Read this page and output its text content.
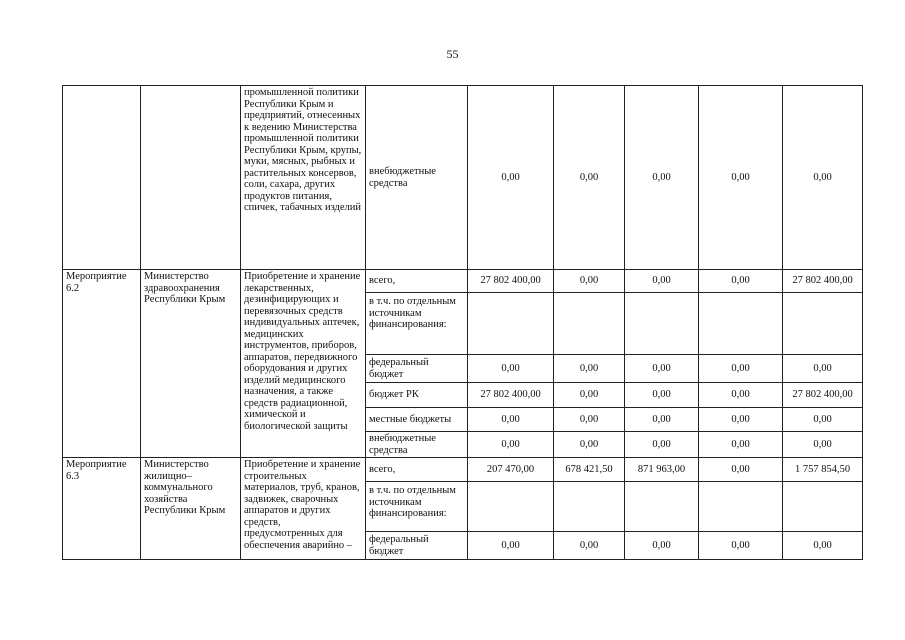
55
		промышленной политики Республики Крым и предприятий, отнесенных к ведению Министерства промышленной политики Республики Крым, крупы, муки, мясных, рыбных и растительных консервов, соли, сахара, других продуктов питания, спичек, табачных изделий	внебюджетные средства	0,00	0,00	0,00	0,00	0,00
Мероприятие 6.2	Министерство здравоохранения Республики Крым	Приобретение и хранение лекарственных, дезинфицирующих и перевязочных средств индивидуальных аптечек, медицинских инструментов, приборов, аппаратов, передвижного оборудования и других изделий медицинского назначения, а также средств радиационной, химической и биологической защиты	всего,	27 802 400,00	0,00	0,00	0,00	27 802 400,00
			в т.ч. по отдельным источникам финансирования:					
			федеральный бюджет	0,00	0,00	0,00	0,00	0,00
			бюджет РК	27 802 400,00	0,00	0,00	0,00	27 802 400,00
			местные бюджеты	0,00	0,00	0,00	0,00	0,00
			внебюджетные средства	0,00	0,00	0,00	0,00	0,00
Мероприятие 6.3	Министерство жилищно–коммунального хозяйства Республики Крым	Приобретение и хранение строительных материалов, труб, кранов, задвижек, сварочных аппаратов и других средств, предусмотренных для обеспечения аварийно –	всего,	207 470,00	678 421,50	871 963,00	0,00	1 757 854,50
			в т.ч. по отдельным источникам финансирования:					
			федеральный бюджет	0,00	0,00	0,00	0,00	0,00
